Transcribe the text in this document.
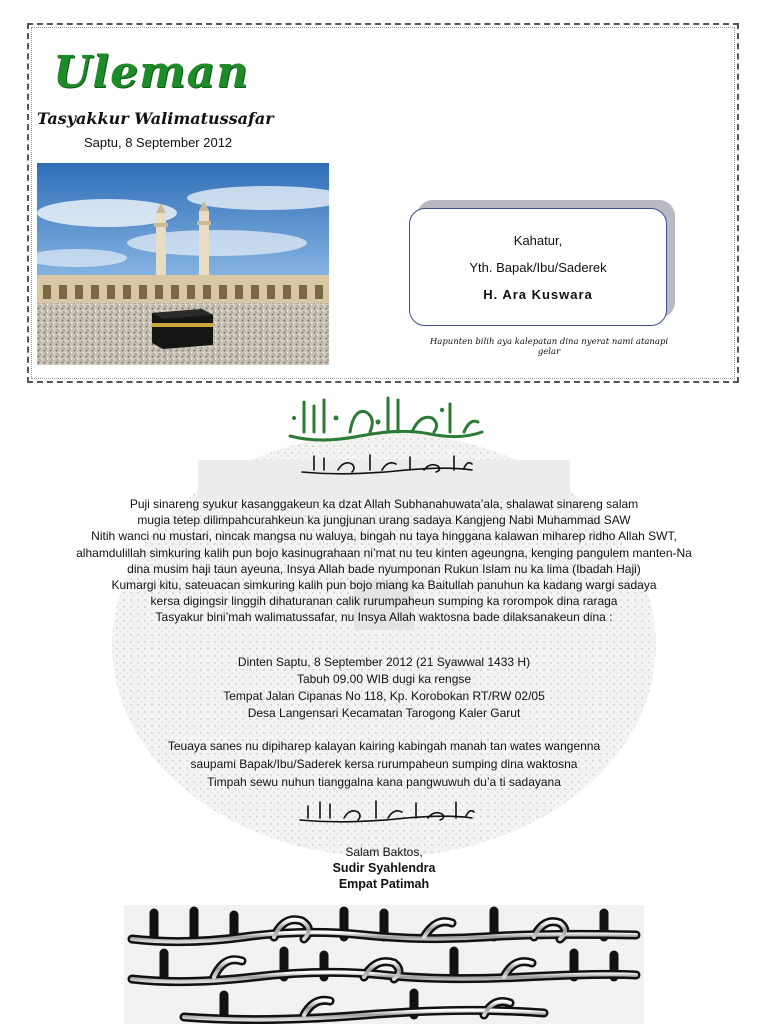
Uleman
Tasyakkur Walimatussafar
Saptu, 8 September 2012
Kahatur,
Yth. Bapak/Ibu/Saderek
H. Ara Kuswara
Hapunten bilih aya kalepatan dina nyerat nami atanapi gelar
Puji sinareng syukur kasanggakeun ka dzat Allah Subhanahuwata’ala, shalawat sinareng salam
mugia tetep dilimpahcurahkeun ka jungjunan urang sadaya Kangjeng Nabi Muhammad SAW
Nitih wanci nu mustari, nincak mangsa nu waluya, bingah nu taya hinggana kalawan miharep ridho Allah SWT,
alhamdulillah simkuring kalih pun bojo kasinugrahaan ni’mat nu teu kinten ageungna, kenging pangulem manten-Na
dina musim haji taun ayeuna, Insya Allah bade nyumponan Rukun Islam nu ka lima (Ibadah Haji)
Kumargi kitu, sateuacan simkuring kalih pun bojo miang ka Baitullah panuhun ka kadang wargi sadaya
kersa digingsir linggih dihaturanan calik rurumpaheun sumping ka rorompok dina raraga
Tasyakur bini’mah walimatussafar, nu Insya Allah waktosna bade dilaksanakeun dina :
Dinten Saptu, 8 September 2012 (21 Syawwal 1433 H)
Tabuh 09.00 WIB dugi ka rengse
Tempat Jalan Cipanas No 118, Kp. Korobokan RT/RW 02/05
Desa Langensari Kecamatan Tarogong Kaler Garut
Teuaya sanes nu dipiharep kalayan kairing kabingah manah tan wates wangenna
saupami Bapak/Ibu/Saderek kersa rurumpaheun sumping dina waktosna
Timpah sewu nuhun tianggalna kana pangwuwuh du’a ti sadayana
Salam Baktos,
Sudir Syahlendra
Empat Patimah
